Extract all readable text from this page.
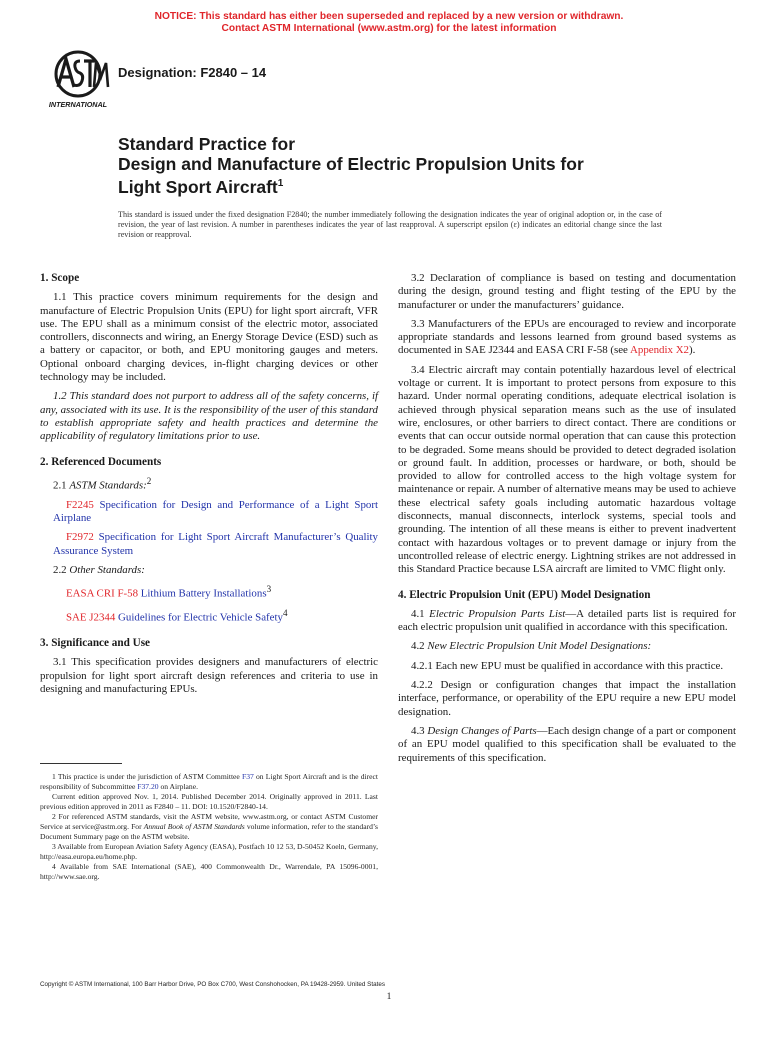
NOTICE: This standard has either been superseded and replaced by a new version or withdrawn.
Contact ASTM International (www.astm.org) for the latest information
INTERNATIONAL
Designation: F2840 – 14
Standard Practice for
Design and Manufacture of Electric Propulsion Units for
Light Sport Aircraft$^1$
This standard is issued under the fixed designation F2840; the number immediately following the designation indicates the year of original adoption or, in the case of revision, the year of last revision. A number in parentheses indicates the year of last reapproval. A superscript epsilon (ε) indicates an editorial change since the last revision or reapproval.
1. Scope

1.1 This practice covers minimum requirements for the design and manufacture of Electric Propulsion Units (EPU) for light sport aircraft, VFR use. The EPU shall as a minimum consist of the electric motor, associated controllers, disconnects and wiring, an Energy Storage Device (ESD) such as a battery or capacitor, or both, and EPU monitoring gauges and meters. Optional onboard charging devices, in-flight charging devices or other technology may be included.

1.2 This standard does not purport to address all of the safety concerns, if any, associated with its use. It is the responsibility of the user of this standard to establish appropriate safety and health practices and determine the applicability of regulatory limitations prior to use.

2. Referenced Documents

2.1 ASTM Standards:$^2$

F2245 Specification for Design and Performance of a Light Sport Airplane

F2972 Specification for Light Sport Aircraft Manufacturer’s Quality Assurance System

2.2 Other Standards:

EASA CRI F-58 Lithium Battery Installations$^3$

SAE J2344 Guidelines for Electric Vehicle Safety$^4$

3. Significance and Use

3.1 This specification provides designers and manufacturers of electric propulsion for light sport aircraft design references and criteria to use in designing and manufacturing EPUs.

1 This practice is under the jurisdiction of ASTM Committee F37 on Light Sport Aircraft and is the direct responsibility of Subcommittee F37.20 on Airplane.

Current edition approved Nov. 1, 2014. Published December 2014. Originally approved in 2011. Last previous edition approved in 2011 as F2840 – 11. DOI: 10.1520/F2840-14.

2 For referenced ASTM standards, visit the ASTM website, www.astm.org, or contact ASTM Customer Service at service@astm.org. For Annual Book of ASTM Standards volume information, refer to the standard’s Document Summary page on the ASTM website.

3 Available from European Aviation Safety Agency (EASA), Postfach 10 12 53, D-50452 Koeln, Germany, http://easa.europa.eu/home.php.

4 Available from SAE International (SAE), 400 Commonwealth Dr., Warrendale, PA 15096-0001, http://www.sae.org.

3.2 Declaration of compliance is based on testing and documentation during the design, ground testing and flight testing of the EPU by the manufacturer or under the manufacturers’ guidance.

3.3 Manufacturers of the EPUs are encouraged to review and incorporate appropriate standards and lessons learned from ground based systems as documented in SAE J2344 and EASA CRI F-58 (see Appendix X2).

3.4 Electric aircraft may contain potentially hazardous level of electrical voltage or current. It is important to protect persons from exposure to this hazard. Under normal operating conditions, adequate electrical isolation is achieved through physical separation means such as the use of insulated wire, enclosures, or other barriers to direct contact. There are conditions or events that can occur outside normal operation that can cause this protection to be degraded. Some means should be provided to detect degraded isolation or ground fault. In addition, processes or hardware, or both, should be provided to allow for controlled access to the high voltage system for maintenance or repair. A number of alternative means may be used to achieve these electrical safety goals including automatic hazardous voltage disconnects, manual disconnects, interlock systems, special tools and grounding. The intention of all these means is either to prevent inadvertent contact with hazardous voltages or to prevent damage or injury from the uncontrolled release of electric energy. Lightning strikes are not addressed in this Standard Practice because LSA aircraft are limited to VMC flight only.

4. Electric Propulsion Unit (EPU) Model Designation

4.1 Electric Propulsion Parts List—A detailed parts list is required for each electric propulsion unit qualified in accordance with this specification.

4.2 New Electric Propulsion Unit Model Designations:

4.2.1 Each new EPU must be qualified in accordance with this practice.

4.2.2 Design or configuration changes that impact the installation interface, performance, or operability of the EPU require a new EPU model designation.

4.3 Design Changes of Parts—Each design change of a part or component of an EPU model qualified to this specification shall be evaluated to the requirements of this specification.

Copyright © ASTM International, 100 Barr Harbor Drive, PO Box C700, West Conshohocken, PA 19428-2959. United States
1
